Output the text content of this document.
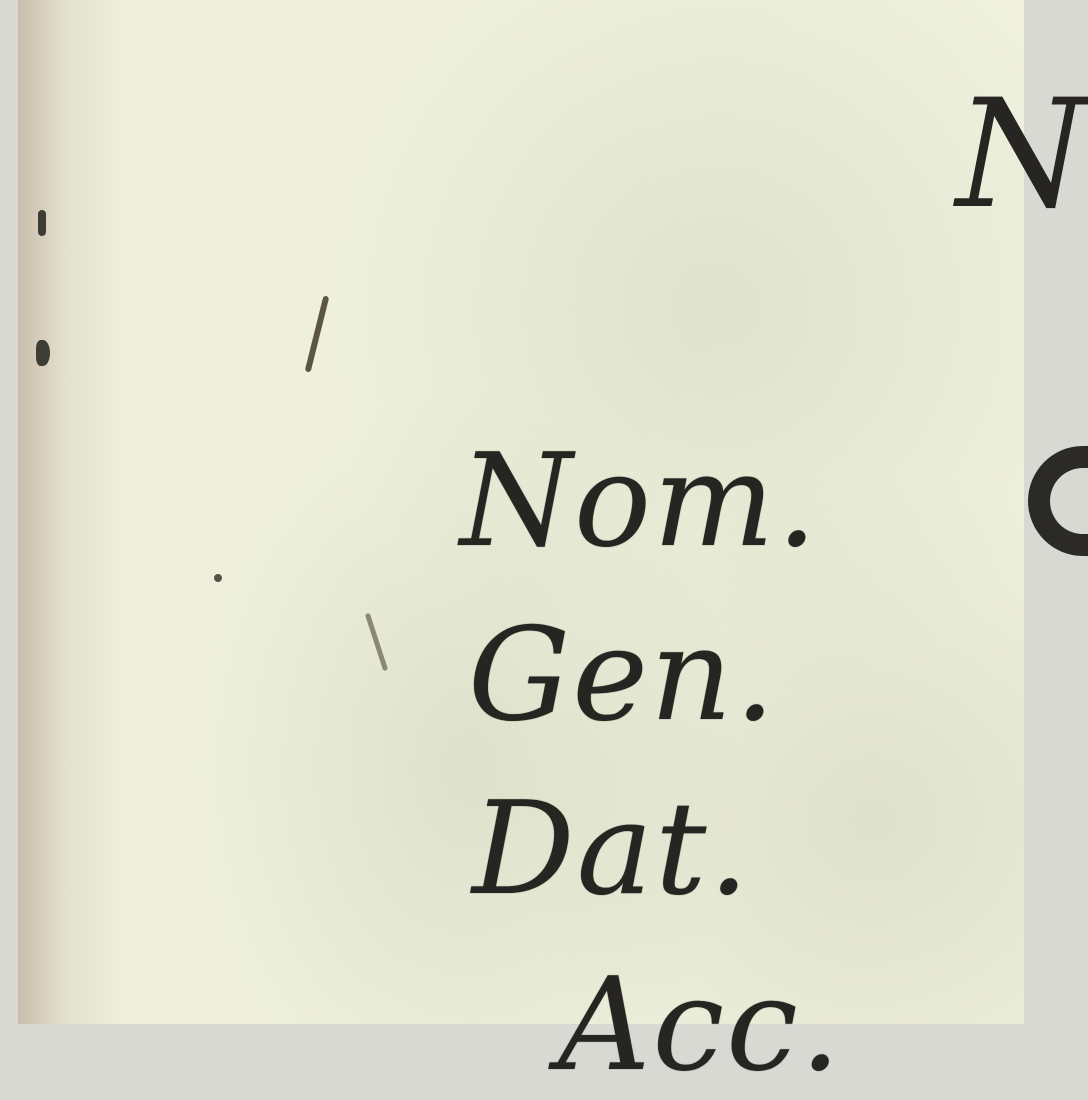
N
Nom.
Gen.
Dat.
Acc.
